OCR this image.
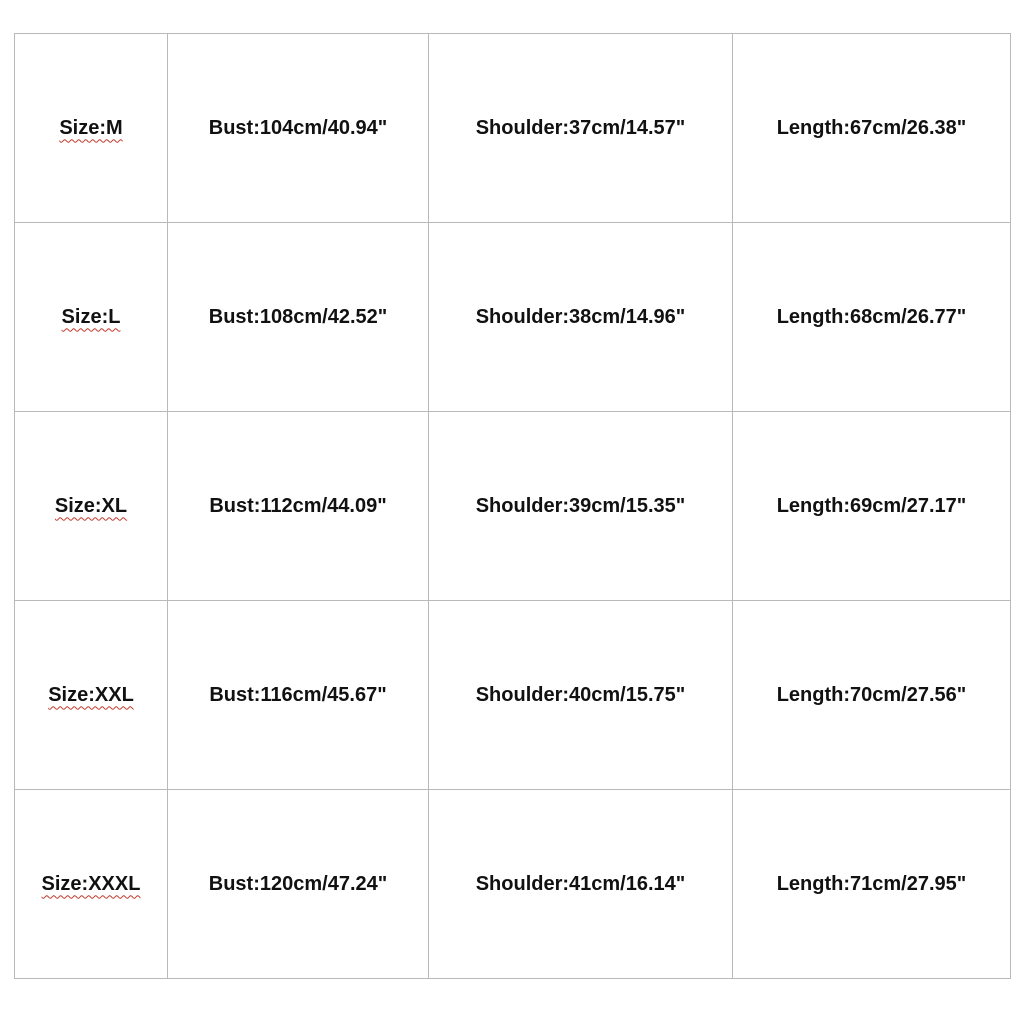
Size:M	Bust:104cm/40.94"	Shoulder:37cm/14.57"	Length:67cm/26.38"
Size:L	Bust:108cm/42.52"	Shoulder:38cm/14.96"	Length:68cm/26.77"
Size:XL	Bust:112cm/44.09"	Shoulder:39cm/15.35"	Length:69cm/27.17"
Size:XXL	Bust:116cm/45.67"	Shoulder:40cm/15.75"	Length:70cm/27.56"
Size:XXXL	Bust:120cm/47.24"	Shoulder:41cm/16.14"	Length:71cm/27.95"
